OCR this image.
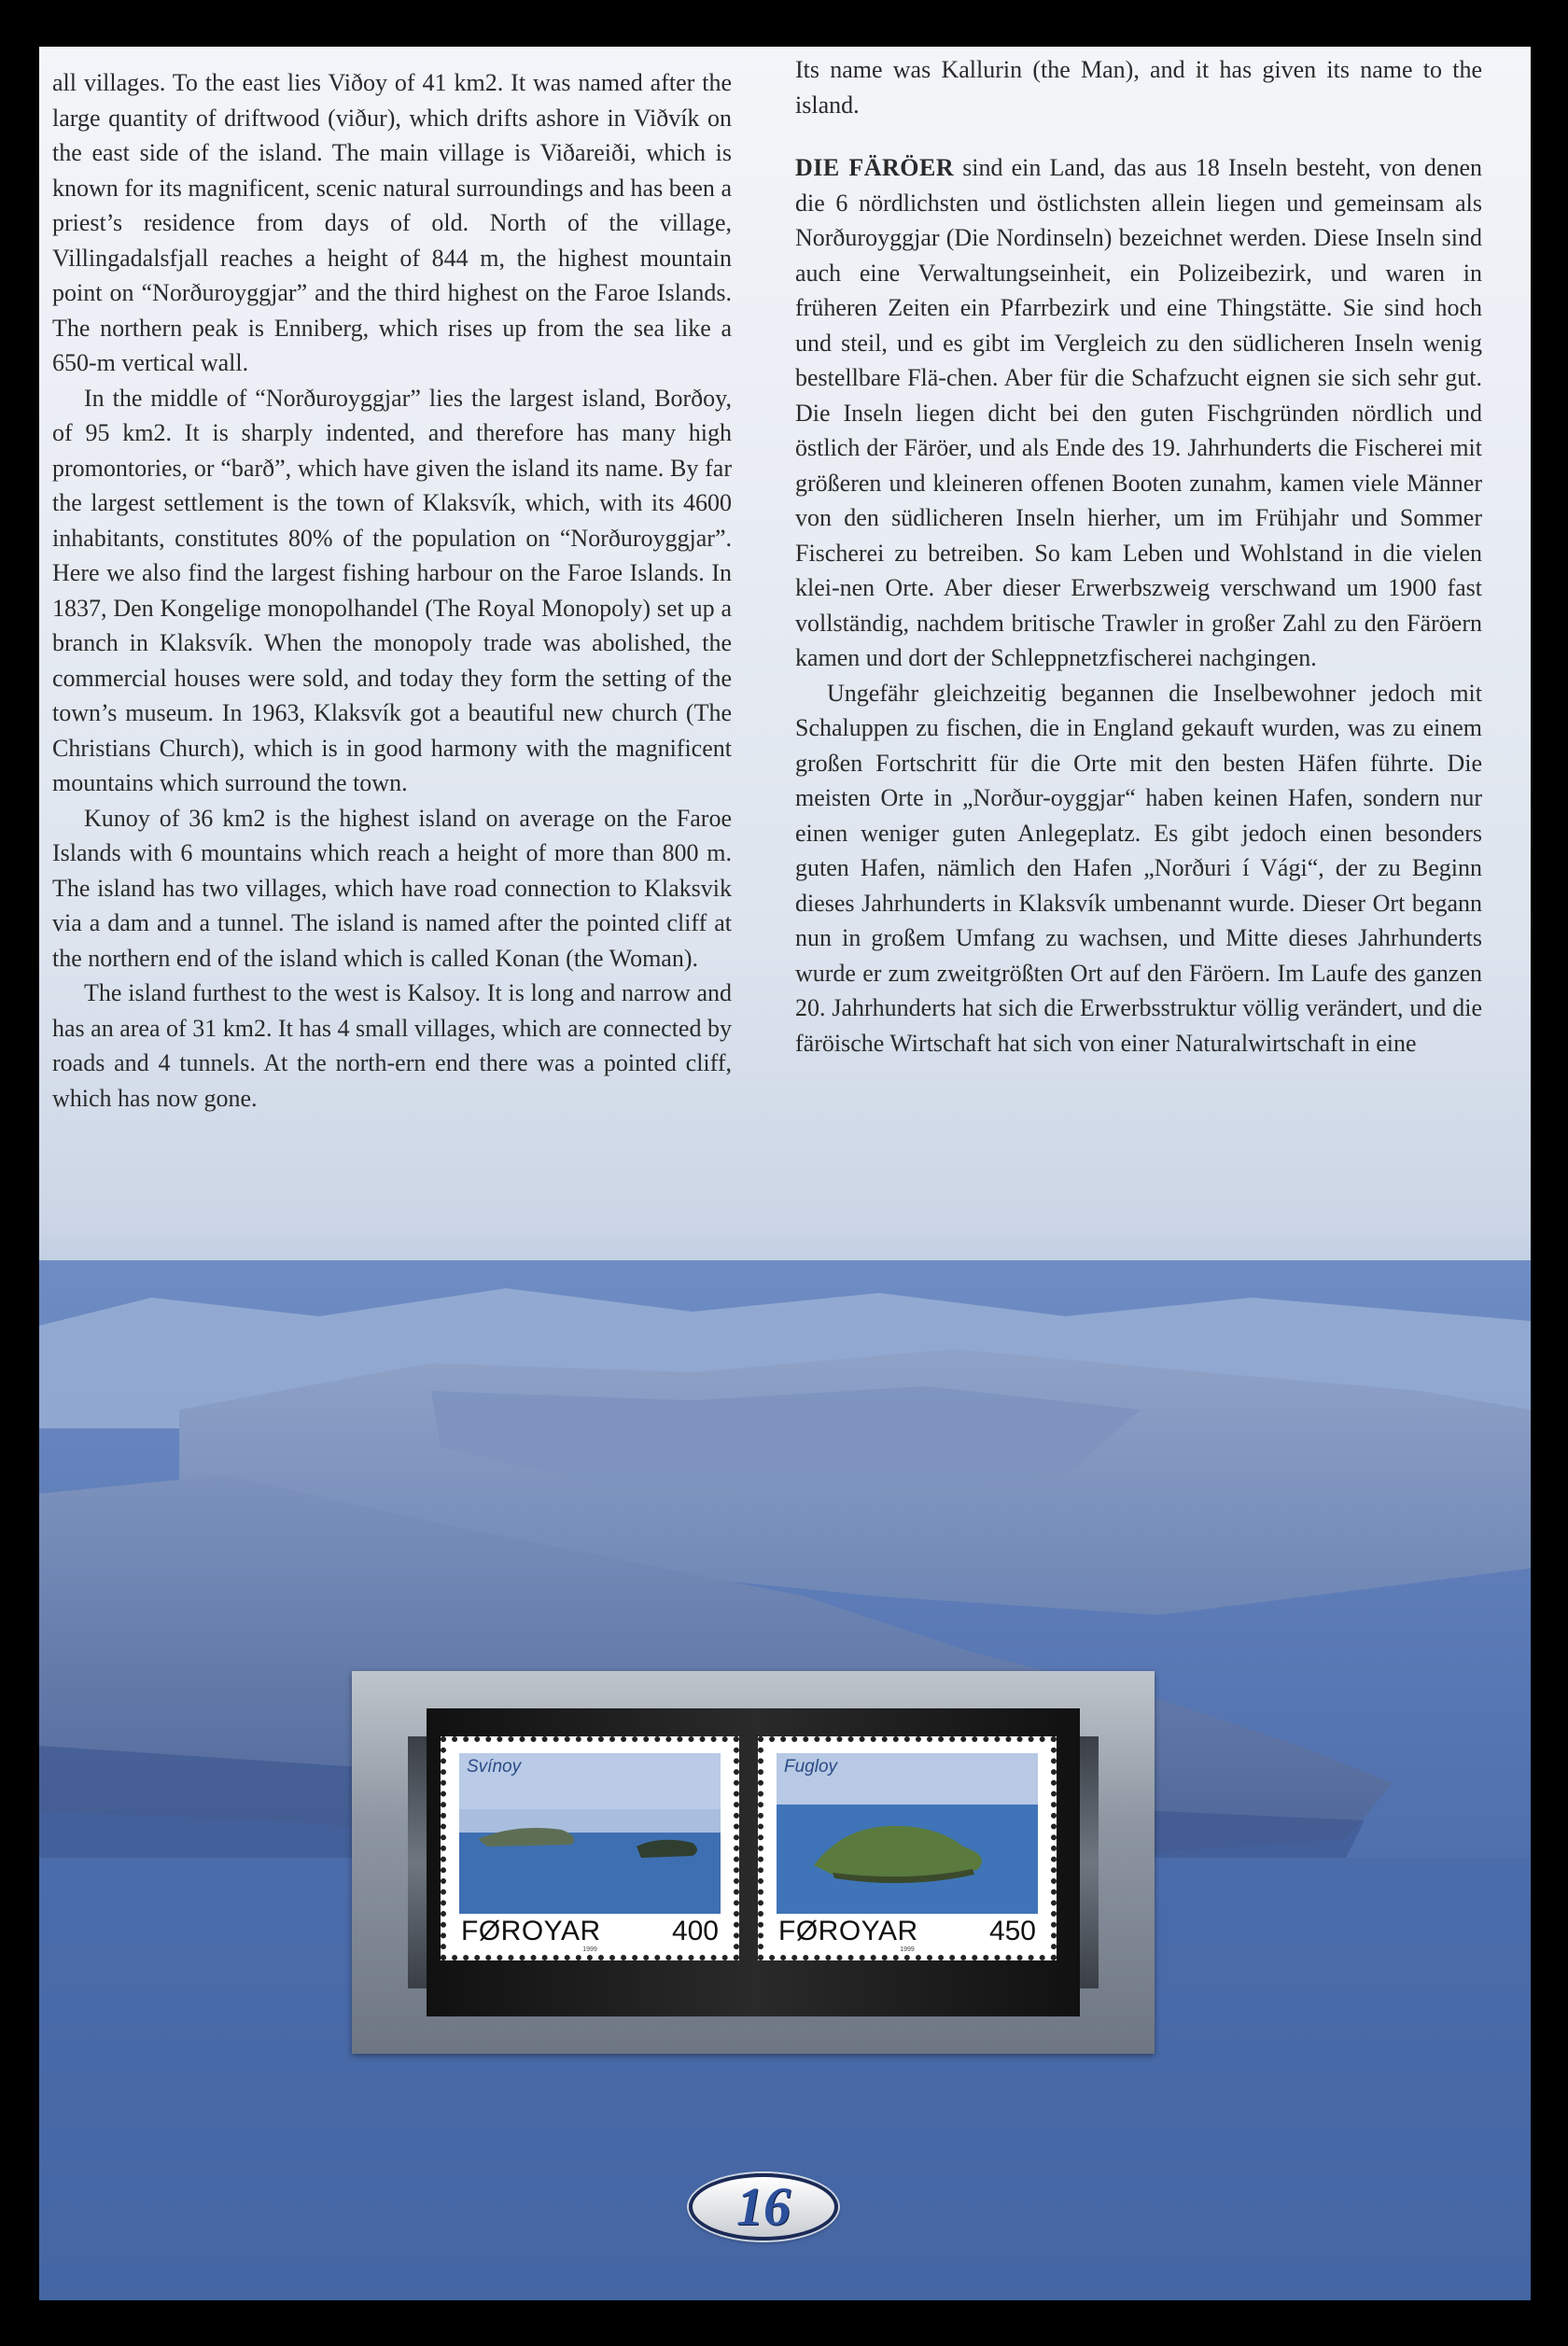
all villages. To the east lies Viðoy of 41 km2. It was named after the large quantity of driftwood (viður), which drifts ashore in Viðvík on the east side of the island. The main village is Viðareiði, which is known for its magnificent, scenic natural surroundings and has been a priest’s residence from days of old. North of the village, Villingadalsfjall reaches a height of 844 m, the highest mountain point on “Norðuroyggjar” and the third highest on the Faroe Islands. The northern peak is Enniberg, which rises up from the sea like a 650-m vertical wall.

In the middle of “Norðuroyggjar” lies the largest island, Borðoy, of 95 km2. It is sharply indented, and therefore has many high promontories, or “barð”, which have given the island its name. By far the largest settlement is the town of Klaksvík, which, with its 4600 inhabitants, constitutes 80% of the population on “Norðuroyggjar”. Here we also find the largest fishing harbour on the Faroe Islands. In 1837, Den Kongelige monopolhandel (The Royal Monopoly) set up a branch in Klaksvík. When the monopoly trade was abolished, the commercial houses were sold, and today they form the setting of the town’s museum. In 1963, Klaksvík got a beautiful new church (The Christians Church), which is in good harmony with the magnificent mountains which surround the town.

Kunoy of 36 km2 is the highest island on average on the Faroe Islands with 6 mountains which reach a height of more than 800 m. The island has two villages, which have road connection to Klaksvik via a dam and a tunnel. The island is named after the pointed cliff at the northern end of the island which is called Konan (the Woman).

The island furthest to the west is Kalsoy. It is long and narrow and has an area of 31 km2. It has 4 small villages, which are connected by roads and 4 tunnels. At the north-ern end there was a pointed cliff, which has now gone.

Its name was Kallurin (the Man), and it has given its name to the island.

DIE FÄRÖER sind ein Land, das aus 18 Inseln besteht, von denen die 6 nördlichsten und östlichsten allein liegen und gemeinsam als Norðuroyggjar (Die Nordinseln) bezeichnet werden. Diese Inseln sind auch eine Verwaltungseinheit, ein Polizeibezirk, und waren in früheren Zeiten ein Pfarrbezirk und eine Thingstätte. Sie sind hoch und steil, und es gibt im Vergleich zu den südlicheren Inseln wenig bestellbare Flä-chen. Aber für die Schafzucht eignen sie sich sehr gut. Die Inseln liegen dicht bei den guten Fischgründen nördlich und östlich der Färöer, und als Ende des 19. Jahrhunderts die Fischerei mit größeren und kleineren offenen Booten zunahm, kamen viele Männer von den südlicheren Inseln hierher, um im Frühjahr und Sommer Fischerei zu betreiben. So kam Leben und Wohlstand in die vielen klei-nen Orte. Aber dieser Erwerbszweig verschwand um 1900 fast vollständig, nachdem britische Trawler in großer Zahl zu den Färöern kamen und dort der Schleppnetzfischerei nachgingen.

Ungefähr gleichzeitig begannen die Inselbewohner jedoch mit Schaluppen zu fischen, die in England gekauft wurden, was zu einem großen Fortschritt für die Orte mit den besten Häfen führte. Die meisten Orte in „Norður-oyggjar“ haben keinen Hafen, sondern nur einen weniger guten Anlegeplatz. Es gibt jedoch einen besonders guten Hafen, nämlich den Hafen „Norðuri í Vági“, der zu Beginn dieses Jahrhunderts in Klaksvík umbenannt wurde. Dieser Ort begann nun in großem Umfang zu wachsen, und Mitte dieses Jahrhunderts wurde er zum zweitgrößten Ort auf den Färöern. Im Laufe des ganzen 20. Jahrhunderts hat sich die Erwerbsstruktur völlig verändert, und die färöische Wirtschaft hat sich von einer Naturalwirtschaft in eine

Svínoy
FØROYAR	400
1999
Fugloy
FØROYAR	450
1999
16
